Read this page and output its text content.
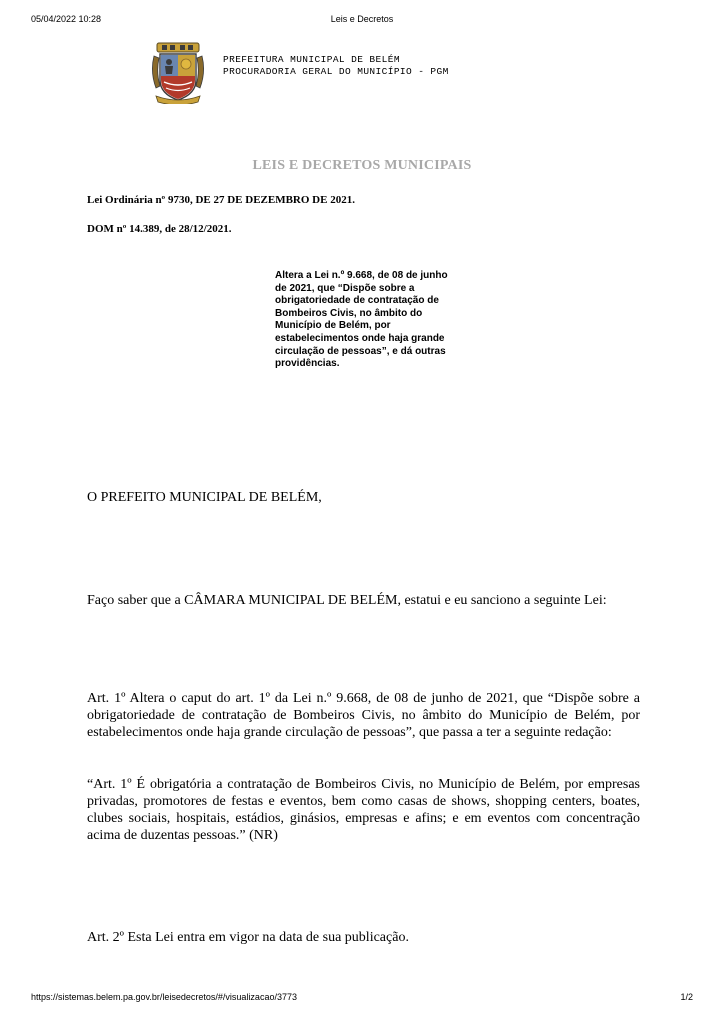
05/04/2022 10:28	Leis e Decretos
PREFEITURA MUNICIPAL DE BELÉM
PROCURADORIA GERAL DO MUNICÍPIO - PGM
LEIS E DECRETOS MUNICIPAIS
Lei Ordinária nº 9730, DE 27 DE DEZEMBRO DE 2021.
DOM nº 14.389, de 28/12/2021.
Altera a Lei n.º 9.668, de 08 de junho de 2021, que “Dispõe sobre a obrigatoriedade de contratação de Bombeiros Civis, no âmbito do Município de Belém, por estabelecimentos onde haja grande circulação de pessoas”, e dá outras providências.
O PREFEITO MUNICIPAL DE BELÉM,
Faço saber que a CÂMARA MUNICIPAL DE BELÉM, estatui e eu sanciono a seguinte Lei:
Art. 1º Altera o caput do art. 1º da Lei n.º 9.668, de 08 de junho de 2021, que “Dispõe sobre a obrigatoriedade de contratação de Bombeiros Civis, no âmbito do Município de Belém, por estabelecimentos onde haja grande circulação de pessoas”, que passa a ter a seguinte redação:
“Art. 1º É obrigatória a contratação de Bombeiros Civis, no Município de Belém, por empresas privadas, promotores de festas e eventos, bem como casas de shows, shopping centers, boates, clubes sociais, hospitais, estádios, ginásios, empresas e afins; e em eventos com concentração acima de duzentas pessoas.” (NR)
Art. 2º Esta Lei entra em vigor na data de sua publicação.
https://sistemas.belem.pa.gov.br/leisedecretos/#/visualizacao/3773	1/2
